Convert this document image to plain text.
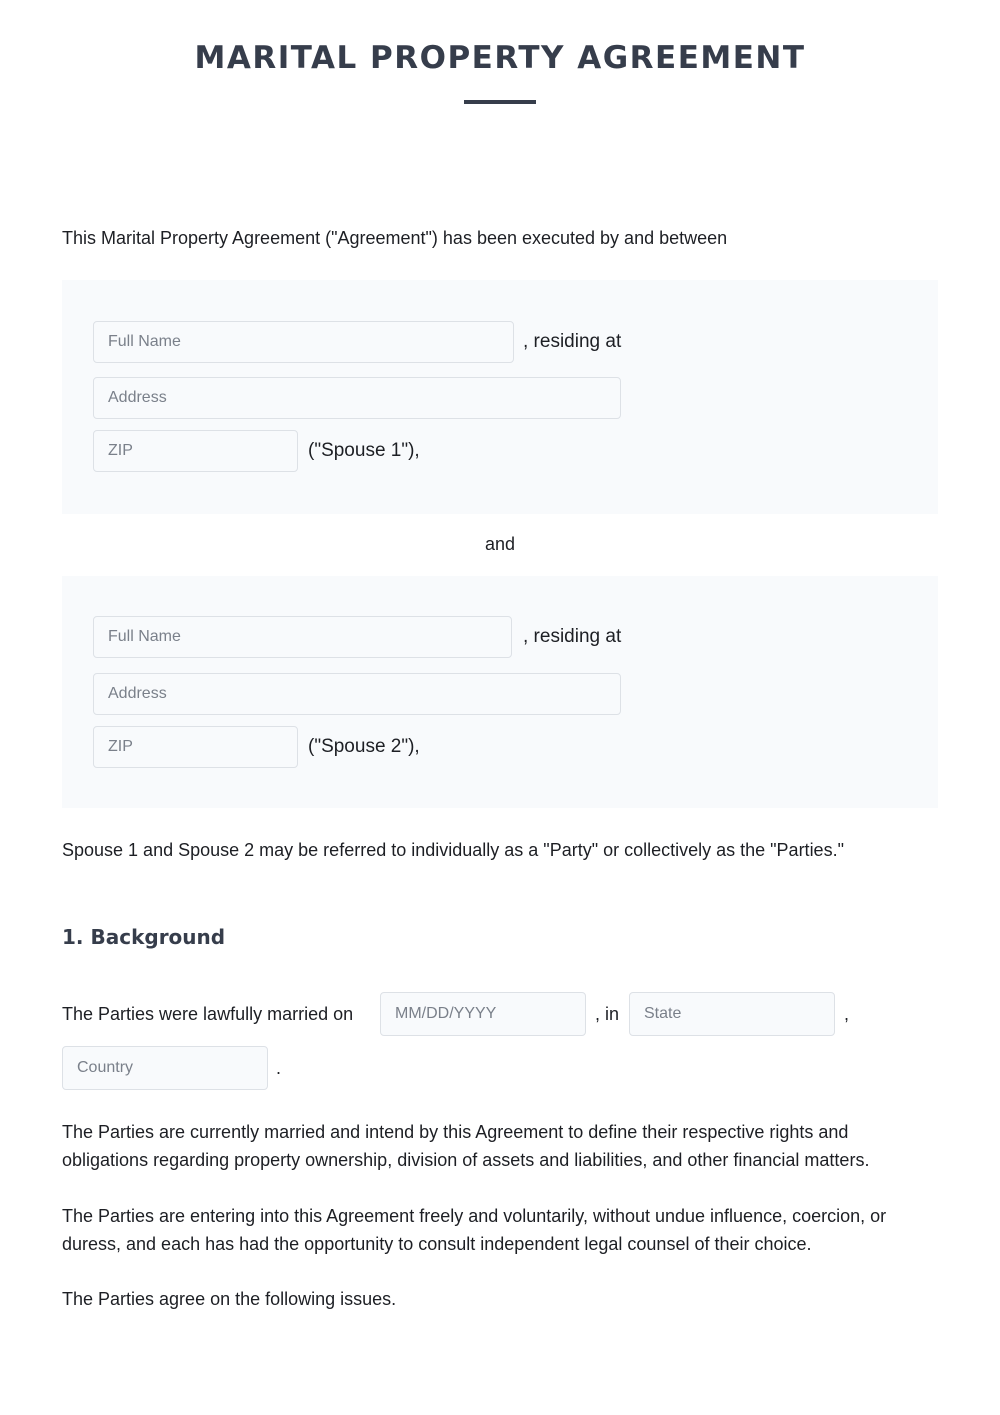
MARITAL PROPERTY AGREEMENT

This Marital Property Agreement ("Agreement") has been executed by and between

Full Name
, residing at
Address
ZIP
("Spouse 1"),

and

Full Name
, residing at
Address
ZIP
("Spouse 2"),

Spouse 1 and Spouse 2 may be referred to individually as a "Party" or collectively as the "Parties."

1. Background
The Parties were lawfully married on
MM/DD/YYYY	, in
State	,
Country
.

The Parties are currently married and intend by this Agreement to define their respective rights and obligations regarding property ownership, division of assets and liabilities, and other financial matters.

The Parties are entering into this Agreement freely and voluntarily, without undue influence, coercion, or duress, and each has had the opportunity to consult independent legal counsel of their choice.

The Parties agree on the following issues.
